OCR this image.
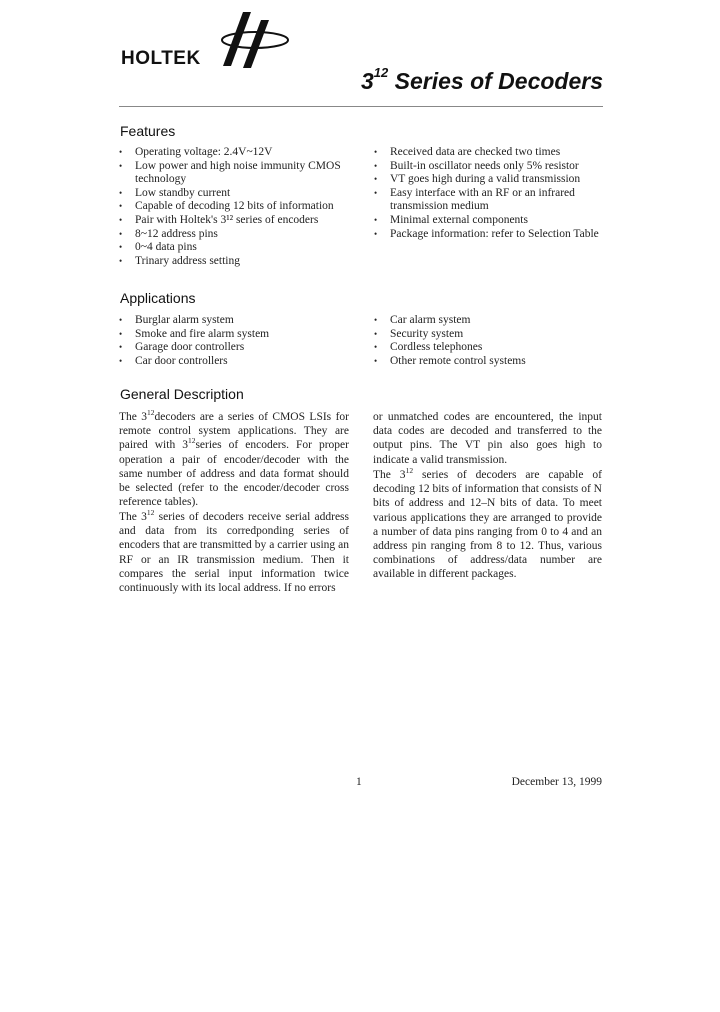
HOLTEK
$3^{12}$ Series of Decoders
Features
• Operating voltage: 2.4V~12V
• Low power and high noise immunity CMOS technology
• Low standby current
• Capable of decoding 12 bits of information
• Pair with Holtek's 3¹² series of encoders
• 8~12 address pins
• 0~4 data pins
• Trinary address setting
• Received data are checked two times
• Built-in oscillator needs only 5% resistor
• VT goes high during a valid transmission
• Easy interface with an RF or an infrared transmission medium
• Minimal external components
• Package information: refer to Selection Table
Applications
• Burglar alarm system
• Smoke and fire alarm system
• Garage door controllers
• Car door controllers
• Car alarm system
• Security system
• Cordless telephones
• Other remote control systems
General Description

The $3^{12}decoders$ are a series of CMOS LSIs for remote control system applications. They are paired with $3^{12}series$ of encoders. For proper operation a pair of encoder/decoder with the same number of address and data format should be selected (refer to the encoder/decoder cross reference tables).

The $3^{12}$ series of decoders receive serial address and data from its corredponding series of encoders that are transmitted by a carrier using an RF or an IR transmission medium. Then it compares the serial input information twice continuously with its local address. If no errors

or unmatched codes are encountered, the input data codes are decoded and transferred to the output pins. The VT pin also goes high to indicate a valid transmission.

The $3^{12}$ series of decoders are capable of decoding 12 bits of information that consists of N bits of address and 12–N bits of data. To meet various applications they are arranged to provide a number of data pins ranging from 0 to 4 and an address pin ranging from 8 to 12. Thus, various combinations of address/data number are available in different packages.

1	December 13, 1999
